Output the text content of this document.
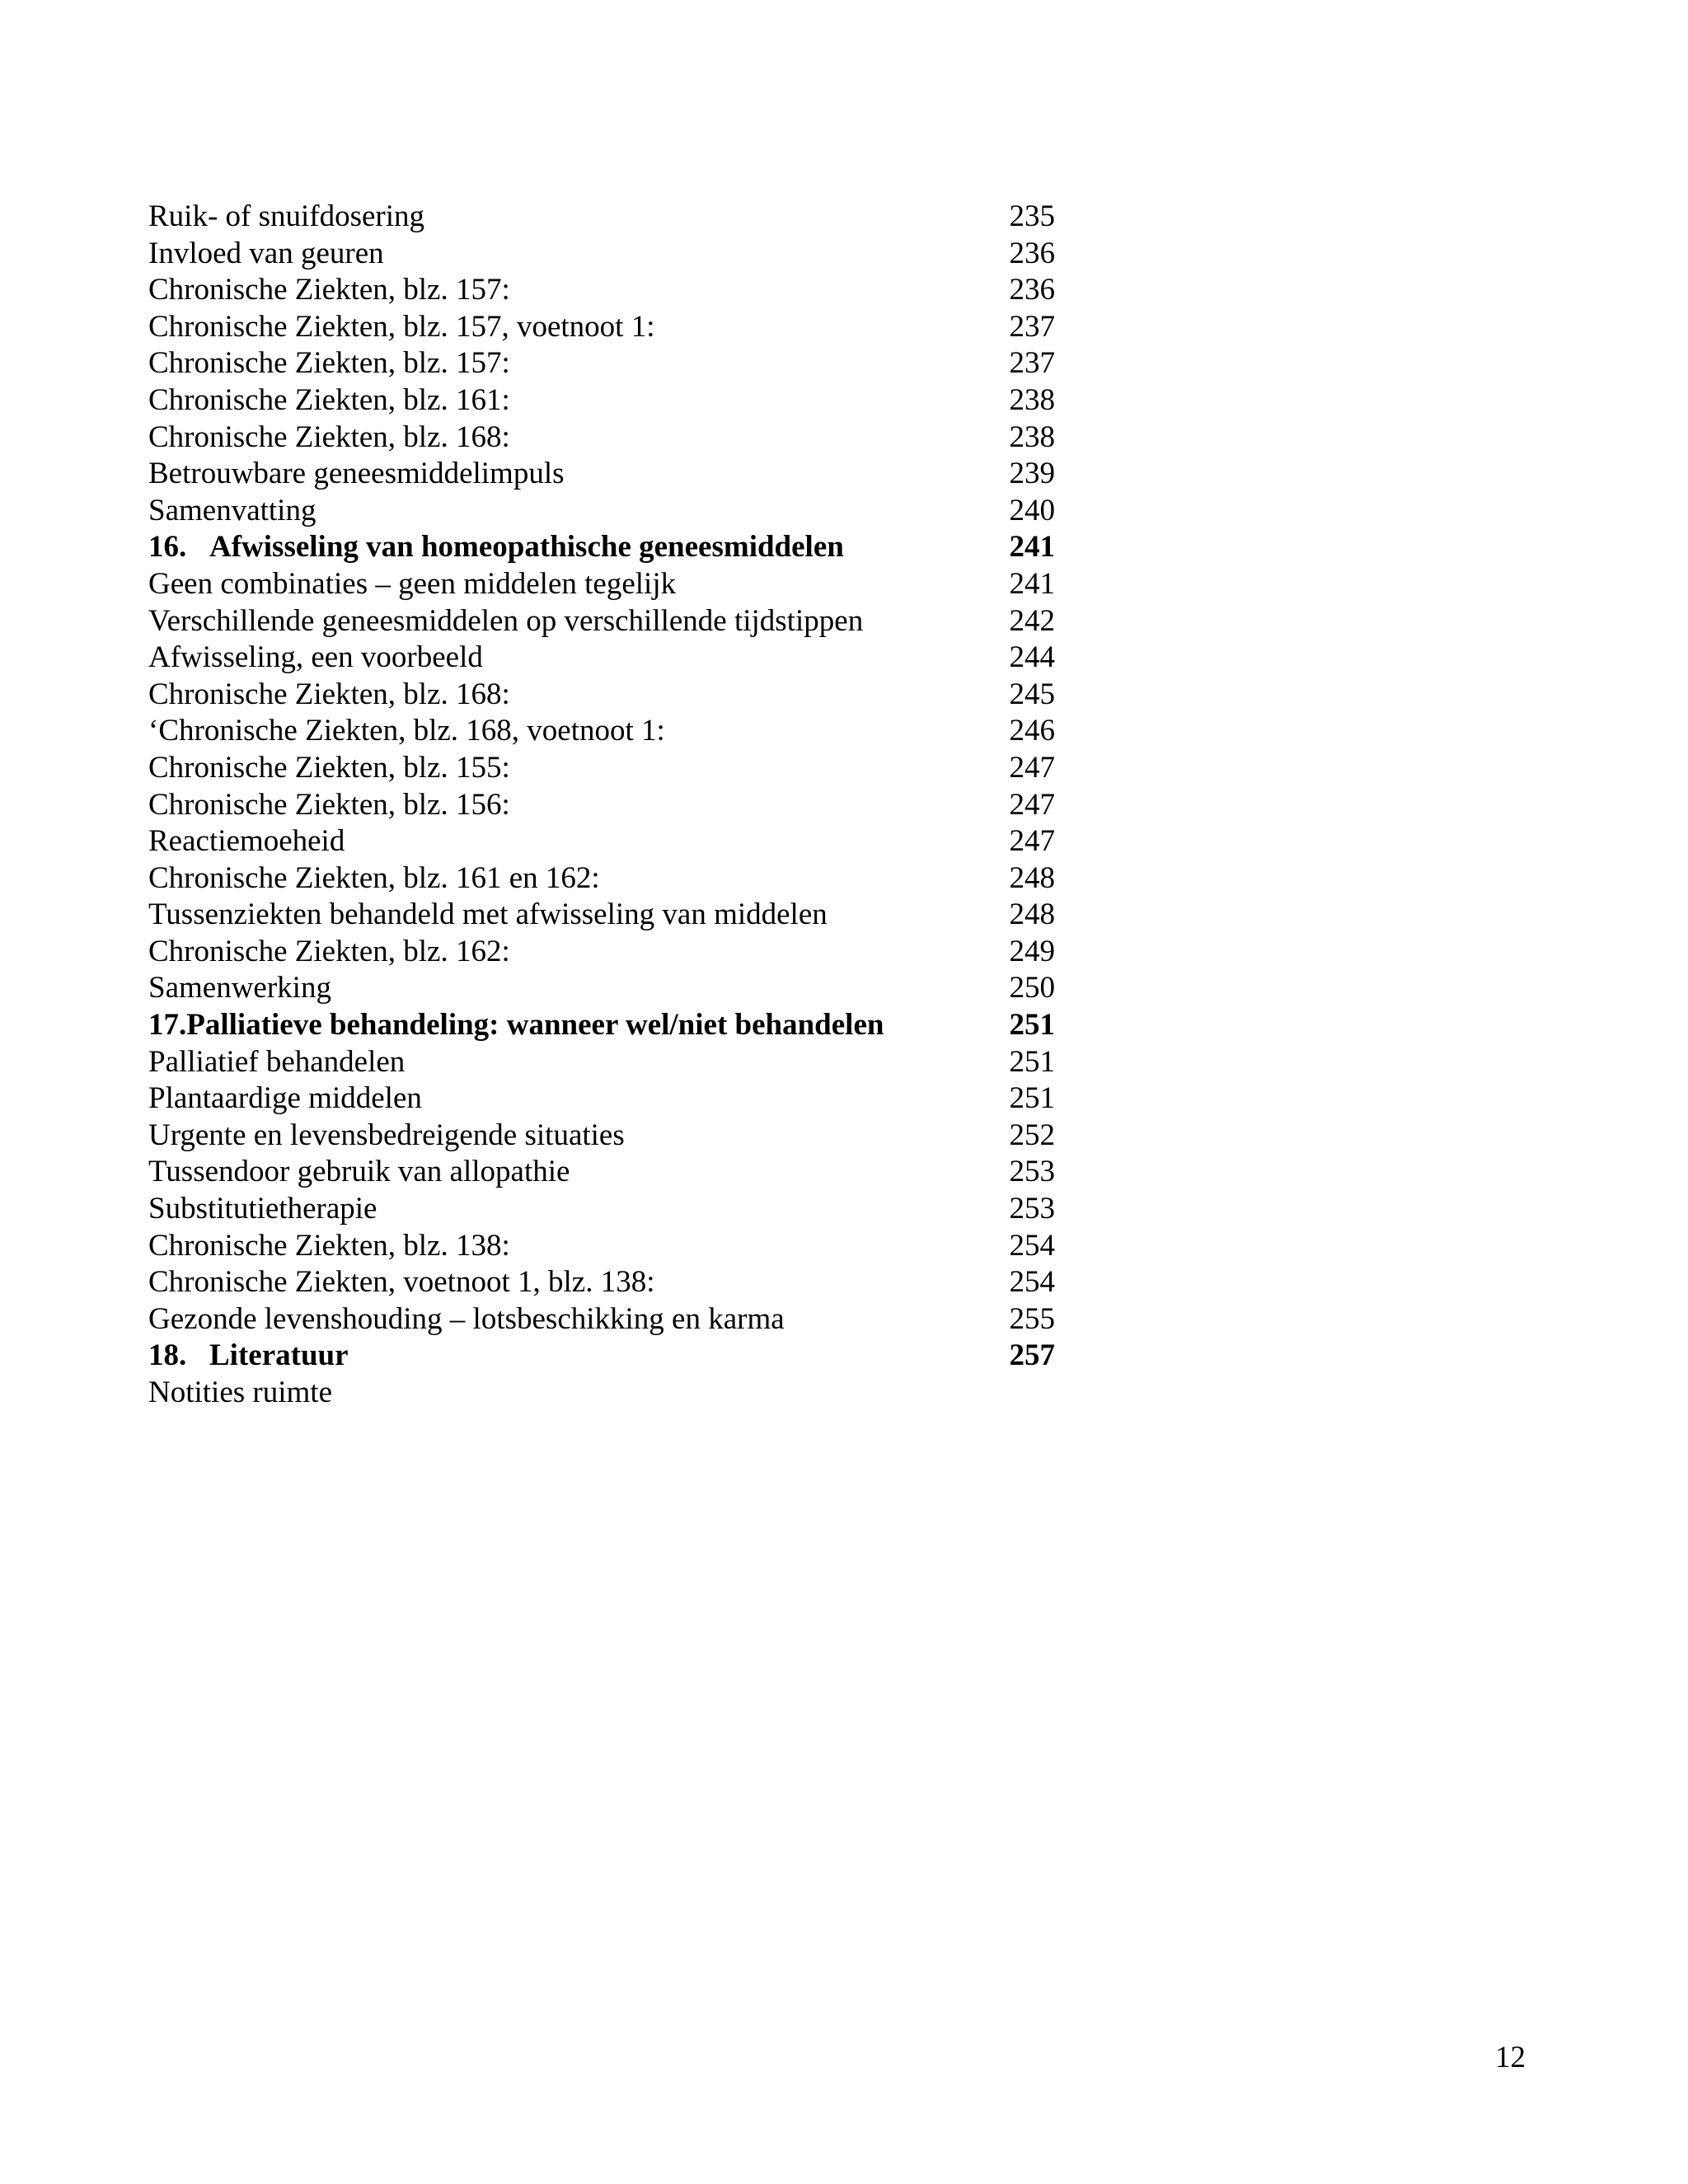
Ruik- of snuifdosering	235
Invloed van geuren	236
Chronische Ziekten, blz. 157:	236
Chronische Ziekten, blz. 157, voetnoot 1:	237
Chronische Ziekten, blz. 157:	237
Chronische Ziekten, blz. 161:	238
Chronische Ziekten, blz. 168:	238
Betrouwbare geneesmiddelimpuls	239
Samenvatting	240
16.   Afwisseling van homeopathische geneesmiddelen	241
Geen combinaties – geen middelen tegelijk	241
Verschillende geneesmiddelen op verschillende tijdstippen	242
Afwisseling, een voorbeeld	244
Chronische Ziekten, blz. 168:	245
‘Chronische Ziekten, blz. 168, voetnoot 1:	246
Chronische Ziekten, blz. 155:	247
Chronische Ziekten, blz. 156:	247
Reactiemoeheid	247
Chronische Ziekten, blz. 161 en 162:	248
Tussenziekten behandeld met afwisseling van middelen	248
Chronische Ziekten, blz. 162:	249
Samenwerking	250
17.Palliatieve behandeling: wanneer wel/niet behandelen	251
Palliatief behandelen	251
Plantaardige middelen	251
Urgente en levensbedreigende situaties	252
Tussendoor gebruik van allopathie	253
Substitutietherapie	253
Chronische Ziekten, blz. 138:	254
Chronische Ziekten, voetnoot 1, blz. 138:	254
Gezonde levenshouding – lotsbeschikking en karma	255
18.   Literatuur	257
Notities ruimte
12
